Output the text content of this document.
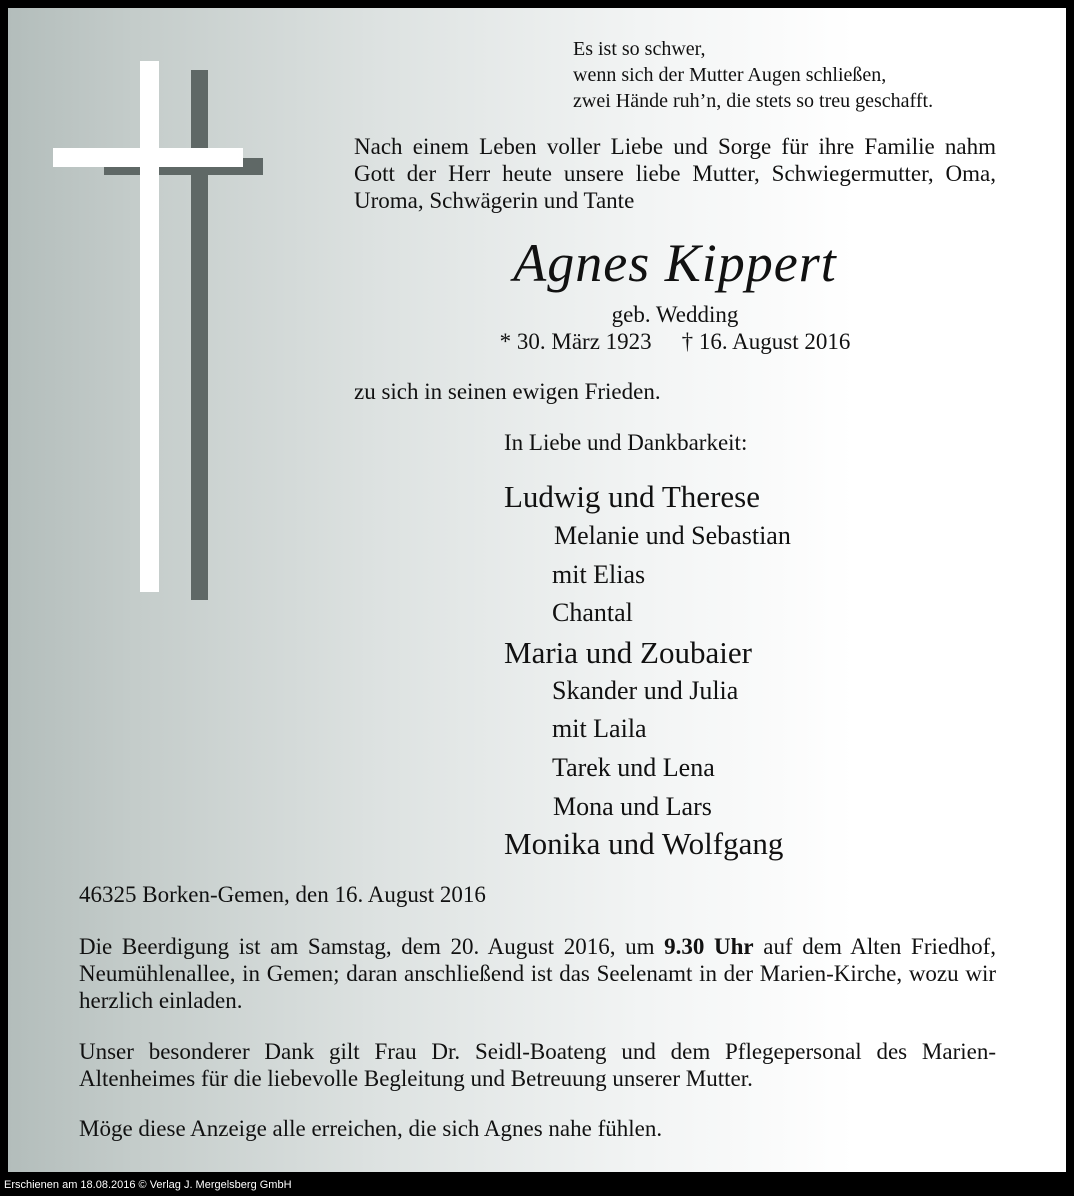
Es ist so schwer,
wenn sich der Mutter Augen schließen,
zwei Hände ruh’n, die stets so treu geschafft.

Nach einem Leben voller Liebe und Sorge für ihre Familie nahm Gott der Herr heute unsere liebe Mutter, Schwiegermutter, Oma, Uroma, Schwägerin und Tante

Agnes Kippert
geb. Wedding
* 30. März 1923 † 16. August 2016
zu sich in seinen ewigen Frieden.
In Liebe und Dankbarkeit:
Ludwig und Therese
Melanie und Sebastian
mit Elias
Chantal
Maria und Zoubaier
Skander und Julia
mit Laila
Tarek und Lena
Mona und Lars
Monika und Wolfgang
46325 Borken-Gemen, den 16. August 2016

Die Beerdigung ist am Samstag, dem 20. August 2016, um 9.30 Uhr auf dem Alten Friedhof, Neumühlenallee, in Gemen; daran anschließend ist das Seelenamt in der Marien-Kirche, wozu wir herzlich einladen.

Unser besonderer Dank gilt Frau Dr. Seidl-Boateng und dem Pflegepersonal des Marien-Altenheimes für die liebevolle Begleitung und Betreuung unserer Mutter.

Möge diese Anzeige alle erreichen, die sich Agnes nahe fühlen.

Erschienen am 18.08.2016 © Verlag J. Mergelsberg GmbH
